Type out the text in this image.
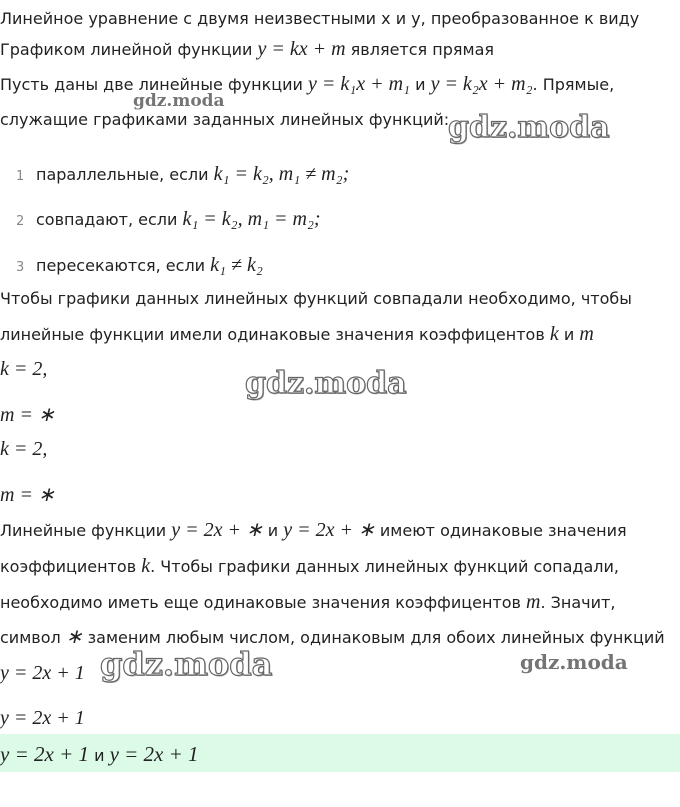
Линейное уравнение с двумя неизвестными x и y, преобразованное к виду
Графиком линейной функции y = kx + m является прямая
Пусть даны две линейные функции y = k₁x + m₁ и y = k₂x + m₂. Прямые,
служащие графиками заданных линейных функций:
1 параллельные, если k₁ = k₂, m₁ ≠ m₂;
2 совпадают, если k₁ = k₂, m₁ = m₂;
3 пересекаются, если k₁ ≠ k₂
Чтобы графики данных линейных функций совпадали необходимо, чтобы
линейные функции имели одинаковые значения коэффицентов k и m
k = 2,
m = ∗
k = 2,
m = ∗
Линейные функции y = 2x + ∗ и y = 2x + ∗ имеют одинаковые значения
коэффициентов k. Чтобы графики данных линейных функций сопадали,
необходимо иметь еще одинаковые значения коэффицентов m. Значит,
символ ∗ заменим любым числом, одинаковым для обоих линейных функций
y = 2x + 1
y = 2x + 1
y = 2x + 1 и y = 2x + 1
gdz.moda
gdz.moda
gdz.moda
gdz.moda	gdz.moda
